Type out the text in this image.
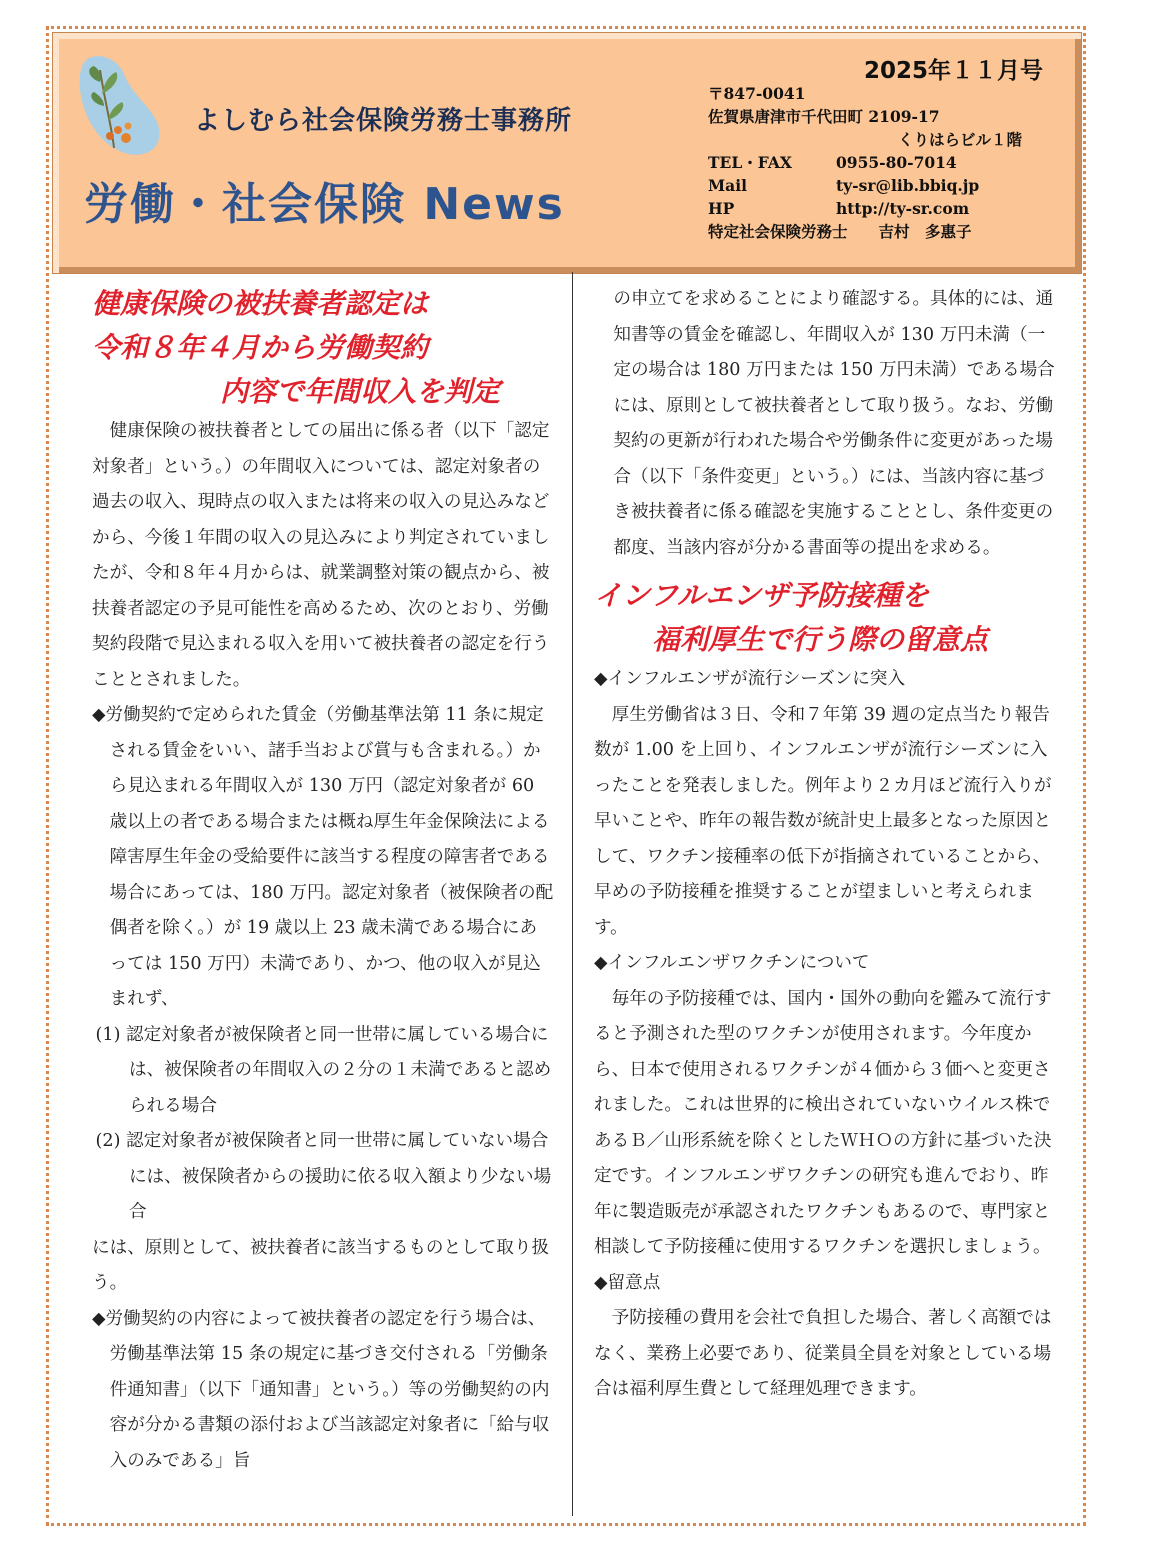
よしむら社会保険労務士事務所
労働・社会保険 News
2025年１１月号
〒847-0041
佐賀県唐津市千代田町 2109-17
くりはらビル１階
TEL・FAX	0955-80-7014
Mail	ty-sr@lib.bbiq.jp
HP	http://ty-sr.com
特定社会保険労務士　　 吉村　多惠子
健康保険の被扶養者認定は
令和８年４月から労働契約
内容で年間収入を判定

健康保険の被扶養者としての届出に係る者（以下「認定対象者」という。）の年間収入については、認定対象者の過去の収入、現時点の収入または将来の収入の見込みなどから、今後１年間の収入の見込みにより判定されていましたが、令和８年４月からは、就業調整対策の観点から、被扶養者認定の予見可能性を高めるため、次のとおり、労働契約段階で見込まれる収入を用いて被扶養者の認定を行うこととされました。

◆労働契約で定められた賃金（労働基準法第 11 条に規定される賃金をいい、諸手当および賞与も含まれる。）から見込まれる年間収入が 130 万円（認定対象者が 60 歳以上の者である場合または概ね厚生年金保険法による障害厚生年金の受給要件に該当する程度の障害者である場合にあっては、180 万円。認定対象者（被保険者の配偶者を除く。）が 19 歳以上 23 歳未満である場合にあっては 150 万円）未満であり、かつ、他の収入が見込まれず、

(1) 認定対象者が被保険者と同一世帯に属している場合には、被保険者の年間収入の２分の１未満であると認められる場合

(2) 認定対象者が被保険者と同一世帯に属していない場合には、被保険者からの援助に依る収入額より少ない場合

には、原則として、被扶養者に該当するものとして取り扱う。

◆労働契約の内容によって被扶養者の認定を行う場合は、労働基準法第 15 条の規定に基づき交付される「労働条件通知書」（以下「通知書」という。）等の労働契約の内容が分かる書類の添付および当該認定対象者に「給与収入のみである」旨

の申立てを求めることにより確認する。具体的には、通知書等の賃金を確認し、年間収入が 130 万円未満（一定の場合は 180 万円または 150 万円未満）である場合には、原則として被扶養者として取り扱う。なお、労働契約の更新が行われた場合や労働条件に変更があった場合（以下「条件変更」という。）には、当該内容に基づき被扶養者に係る確認を実施することとし、条件変更の都度、当該内容が分かる書面等の提出を求める。

インフルエンザ予防接種を
福利厚生で行う際の留意点

◆インフルエンザが流行シーズンに突入

厚生労働省は３日、令和７年第 39 週の定点当たり報告数が 1.00 を上回り、インフルエンザが流行シーズンに入ったことを発表しました。例年より２カ月ほど流行入りが早いことや、昨年の報告数が統計史上最多となった原因として、ワクチン接種率の低下が指摘されていることから、早めの予防接種を推奨することが望ましいと考えられます。

◆インフルエンザワクチンについて

毎年の予防接種では、国内・国外の動向を鑑みて流行すると予測された型のワクチンが使用されます。今年度から、日本で使用されるワクチンが４価から３価へと変更されました。これは世界的に検出されていないウイルス株であるＢ／山形系統を除くとしたＷＨＯの方針に基づいた決定です。インフルエンザワクチンの研究も進んでおり、昨年に製造販売が承認されたワクチンもあるので、専門家と相談して予防接種に使用するワクチンを選択しましょう。

◆留意点

予防接種の費用を会社で負担した場合、著しく高額ではなく、業務上必要であり、従業員全員を対象としている場合は福利厚生費として経理処理できます。
